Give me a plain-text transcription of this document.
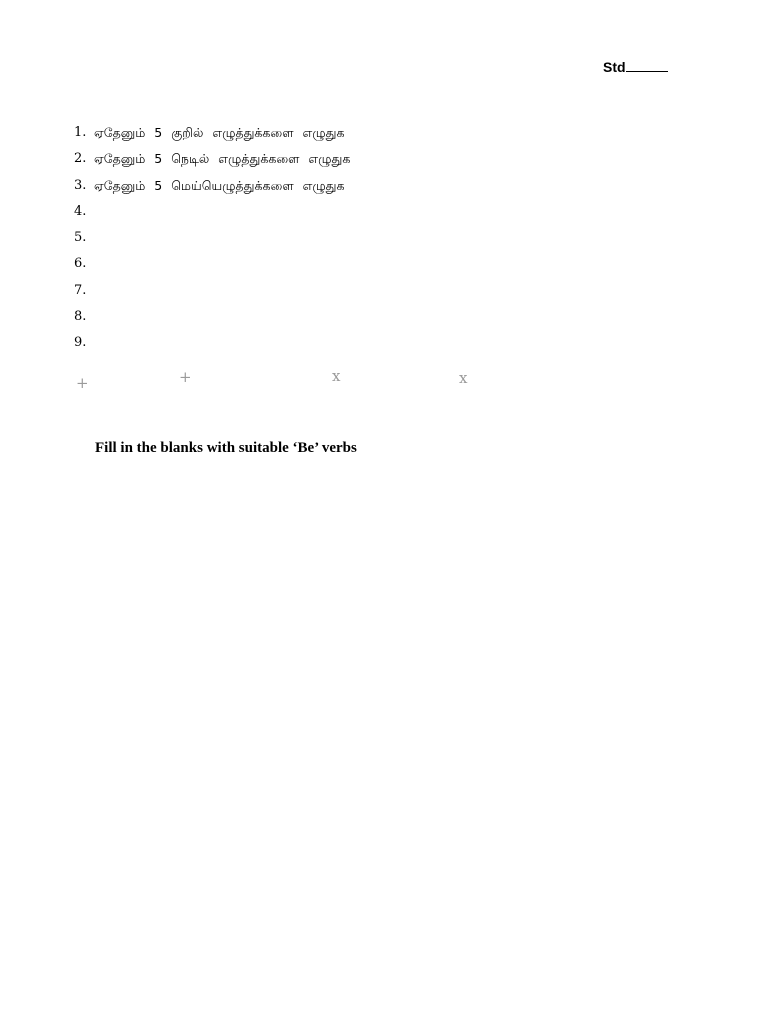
Std
1. ஏதேனும் 5 குறில் எழுத்துக்களை எழுதுக
2. ஏதேனும் 5 நெடில் எழுத்துக்களை எழுதுக
3. ஏதேனும் 5 மெய்யெழுத்துக்களை எழுதுக
4.
5.
6.
7.
8.
9.
+	+	x	x
Fill in the blanks with suitable ‘Be’ verbs
